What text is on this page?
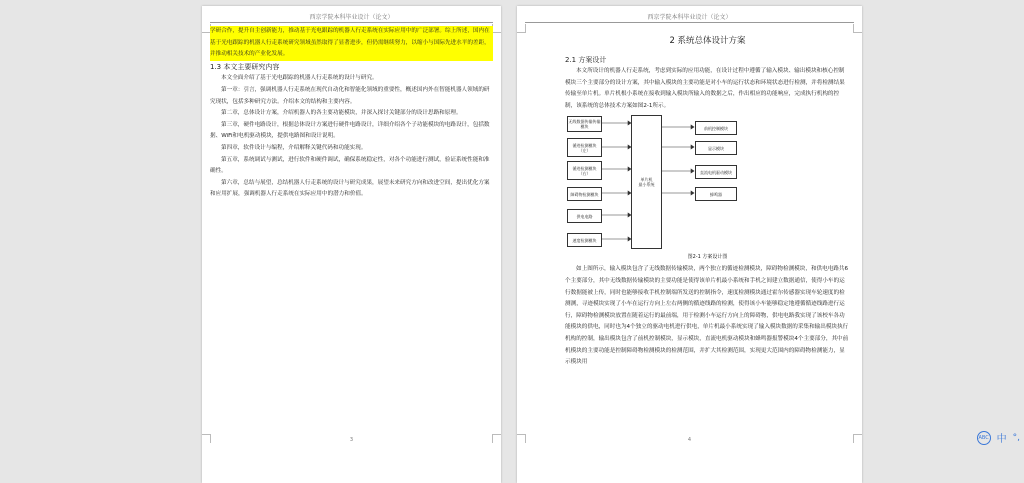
西京学院本科毕业设计（论文）
学研合作，提升自主创新能力，推动基于光电跟踪的机器人行走系统在实际应用中的广泛部署。综上所述，国内在基于光电跟踪的机器人行走系统研究领域虽然取得了显著进步，但仍需继续努力，以缩小与国际先进水平的差距，并推动相关技术的产业化发展。
1.3 本文主要研究内容

本文全面介绍了基于光电跟踪的机器人行走系统的设计与研究。

第一章：引言，强调机器人行走系统在现代自动化和智能化领域的重要性，概述国内外在智能机器人领域的研究现状，包括多种研究方法。介绍本文的结构和主要内容。

第二章，总体设计方案，介绍机器人的各主要功能模块，并深入探讨关键部分的设计思路和原理。

第三章，硬件电路设计，根据总体设计方案进行硬件电路设计，详细介绍各个子功能模块的电路设计，包括数据、WiFi和电机驱动模块，提供电路图和设计说明。

第四章，软件设计与编程，介绍解释关键代码和功能实现。

第五章，系统调试与测试，进行软件和硬件调试，确保系统稳定性，对各个功能进行测试，验证系统性能和准确性。

第六章，总结与展望，总结机器人行走系统的设计与研究成果，展望未来研究方向和改进空间，提出优化方案和应用扩展，强调机器人行走系统在实际应用中的潜力和价值。

3
西京学院本科毕业设计（论文）
2 系统总体设计方案
2.1 方案设计

本文所设计的机器人行走系统，考虑到实际的应用功能，在设计过程中遵循了输入模块、输出模块和核心控制模块三个主要部分的设计方案，其中输入模块的主要功能是对小车的运行状态和环境状态进行检测，并将检测结果传输至单片机。单片机根小系统在接收到输入模块所输入的数据之后，作出相应的功能响应，完成执行机构的控制，该系统的总体技术方案如图2-1所示。

无线数据传输传输模块
循迹检测模块（左）
循迹检测模块（右）
障碍物检测模块
供电电路
速度检测模块
单片机
最小系统
前机控制模块
显示模块
直流电机驱动模块
蜂鸣器
图2-1 方案设计图

如上图所示，输入模块包含了无线数据传输模块，两个独立的循迹检测模块，障碍物检测模块，和供电电路共6个主要部分，其中无线数据传输模块的主要功能是使得该单片机最小系统和手机之间建立数据通信，使得小车的运行数据能被上传，同时也能够接收手机控制端所发送的控制指令，速度检测模块通过霍尔传感器实现车轮速度的检测测，寻迹模块实现了小车在运行方向上左右两侧的循迹线路的检测，使得该小车能够稳定地遵循循迹线路进行运行，障碍物检测模块放置在随着运行的最前端，用于检测小车运行方向上的障碍物，供电电路我实现了该校车各功能模块的供电，同时也为4个独立的驱动电机进行供电，单片机最小系统实现了输入模块数据的采集和输出模块执行机构的控制，输出模块包含了前机控制模块，显示模块，直流电机驱动模块和蜂鸣器报警模块4个主要部分，其中前机模块的主要功能是控制障碍物检测模块的检测范围，并扩大其检测范围，实现更大范围内的障碍物检测能力，显示模块用

4	ABC 中 °,
